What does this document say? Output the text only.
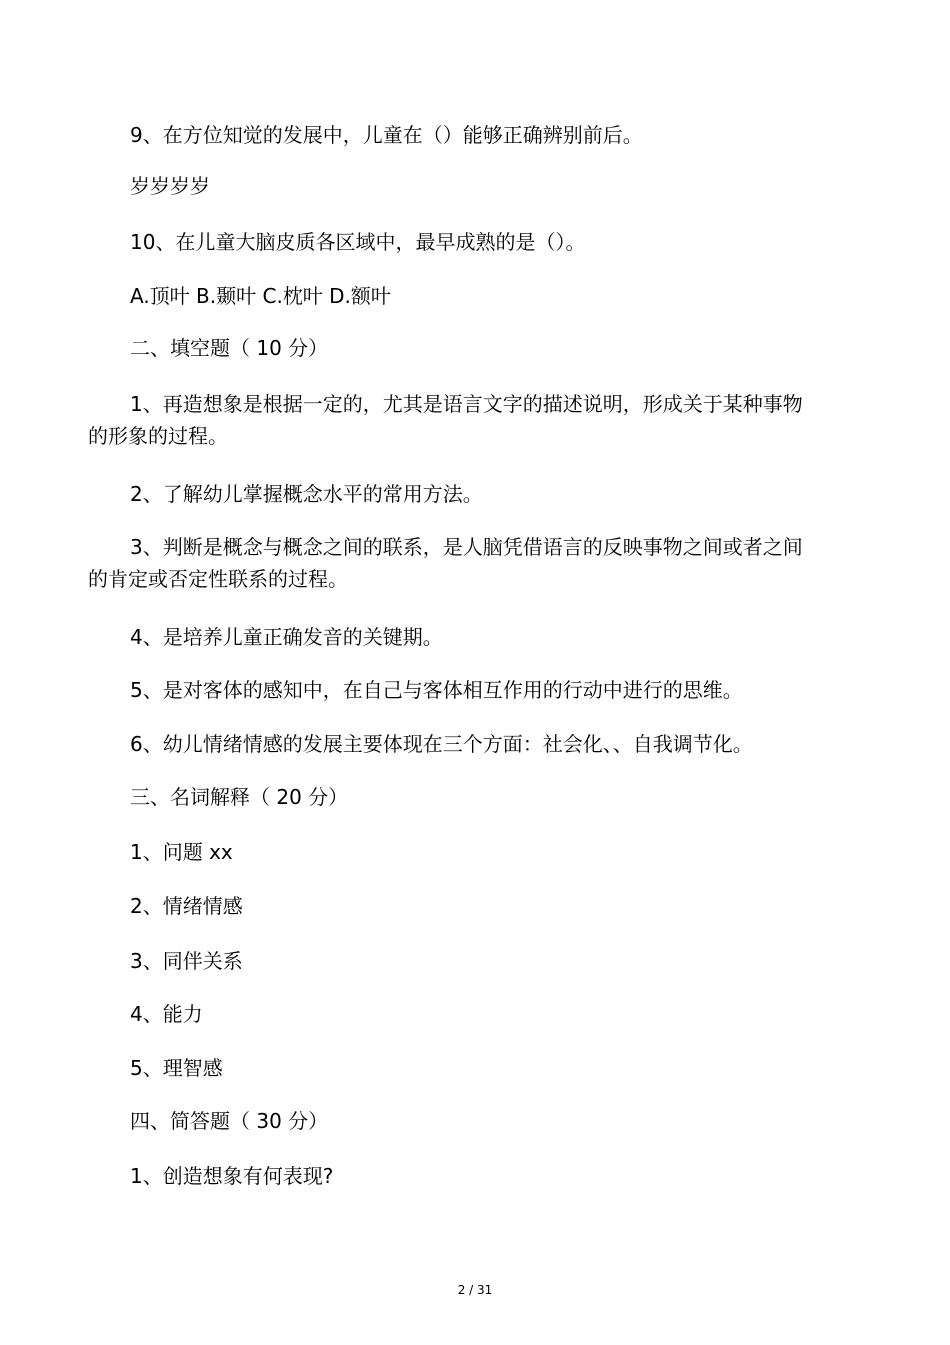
9、在方位知觉的发展中，儿童在（）能够正确辨别前后。
岁岁岁岁
10、在儿童大脑皮质各区域中，最早成熟的是（）。
A.顶叶 B.颞叶 C.枕叶 D.额叶
二、填空题（ 10 分）
1、再造想象是根据一定的，尤其是语言文字的描述说明，形成关于某种事物的形象的过程。
2、了解幼儿掌握概念水平的常用方法。
3、判断是概念与概念之间的联系，是人脑凭借语言的反映事物之间或者之间的肯定或否定性联系的过程。
4、是培养儿童正确发音的关键期。
5、是对客体的感知中，在自己与客体相互作用的行动中进行的思维。
6、幼儿情绪情感的发展主要体现在三个方面：社会化、、自我调节化。
三、名词解释（ 20 分）
1、问题 xx
2、情绪情感
3、同伴关系
4、能力
5、理智感
四、简答题（ 30 分）
1、创造想象有何表现?
2 / 31
